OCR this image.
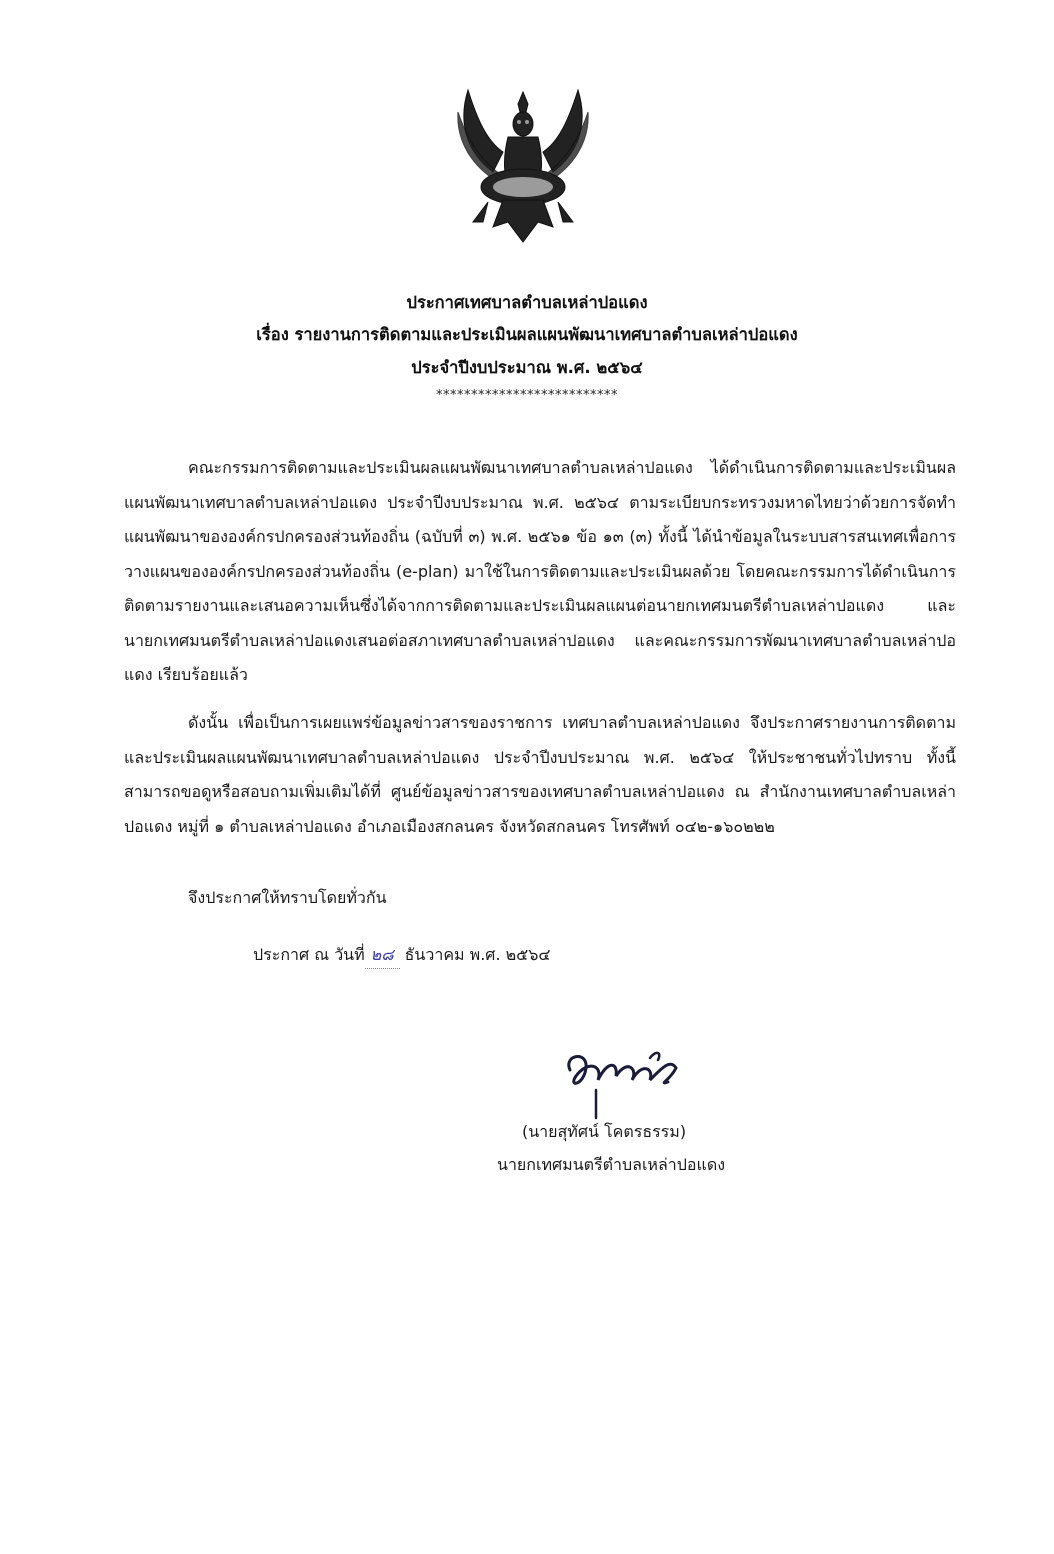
ประกาศเทศบาลตำบลเหล่าปอแดง
เรื่อง รายงานการติดตามและประเมินผลแผนพัฒนาเทศบาลตำบลเหล่าปอแดง
ประจำปีงบประมาณ พ.ศ. ๒๕๖๔
**************************
คณะกรรมการติดตามและประเมินผลแผนพัฒนาเทศบาลตำบลเหล่าปอแดง ได้ดำเนินการติดตามและประเมินผลแผนพัฒนาเทศบาลตำบลเหล่าปอแดง ประจำปีงบประมาณ พ.ศ. ๒๕๖๔ ตามระเบียบกระทรวงมหาดไทยว่าด้วยการจัดทำแผนพัฒนาขององค์กรปกครองส่วนท้องถิ่น (ฉบับที่ ๓) พ.ศ. ๒๕๖๑ ข้อ ๑๓ (๓) ทั้งนี้ ได้นำข้อมูลในระบบสารสนเทศเพื่อการวางแผนขององค์กรปกครองส่วนท้องถิ่น (e-plan) มาใช้ในการติดตามและประเมินผลด้วย โดยคณะกรรมการได้ดำเนินการติดตามรายงานและเสนอความเห็นซึ่งได้จากการติดตามและประเมินผลแผนต่อนายกเทศมนตรีตำบลเหล่าปอแดง และนายกเทศมนตรีตำบลเหล่าปอแดงเสนอต่อสภาเทศบาลตำบลเหล่าปอแดง และคณะกรรมการพัฒนาเทศบาลตำบลเหล่าปอแดง เรียบร้อยแล้ว
ดังนั้น เพื่อเป็นการเผยแพร่ข้อมูลข่าวสารของราชการ เทศบาลตำบลเหล่าปอแดง จึงประกาศรายงานการติดตามและประเมินผลแผนพัฒนาเทศบาลตำบลเหล่าปอแดง ประจำปีงบประมาณ พ.ศ. ๒๕๖๔ ให้ประชาชนทั่วไปทราบ ทั้งนี้ สามารถขอดูหรือสอบถามเพิ่มเติมได้ที่ ศูนย์ข้อมูลข่าวสารของเทศบาลตำบลเหล่าปอแดง ณ สำนักงานเทศบาลตำบลเหล่าปอแดง หมู่ที่ ๑ ตำบลเหล่าปอแดง อำเภอเมืองสกลนคร จังหวัดสกลนคร โทรศัพท์ ๐๔๒-๑๖๐๒๒๒
จึงประกาศให้ทราบโดยทั่วกัน
ประกาศ ณ วันที่ ๒๘ ธันวาคม พ.ศ. ๒๕๖๔
(นายสุทัศน์ โคตรธรรม)
นายกเทศมนตรีตำบลเหล่าปอแดง
